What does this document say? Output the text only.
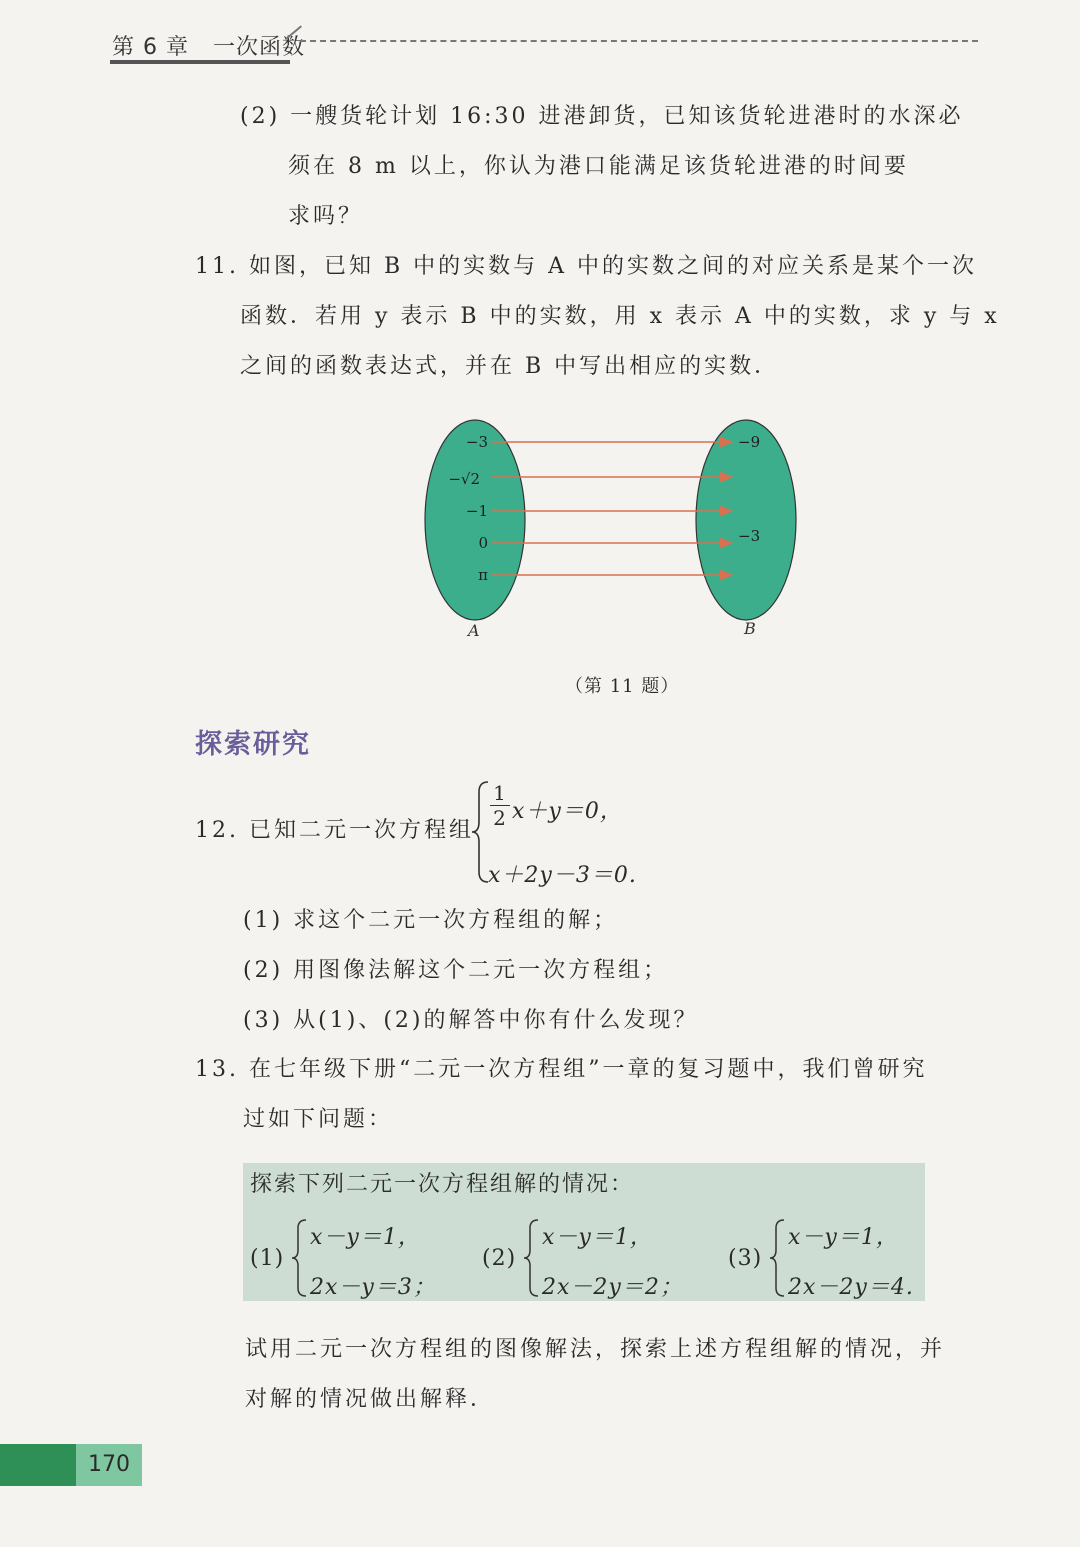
第 6 章 一次函数
(2) 一艘货轮计划 16:30 进港卸货，已知该货轮进港时的水深必
须在 8 m 以上，你认为港口能满足该货轮进港的时间要
求吗？
11. 如图，已知 B 中的实数与 A 中的实数之间的对应关系是某个一次
函数．若用 y 表示 B 中的实数，用 x 表示 A 中的实数，求 y 与 x
之间的函数表达式，并在 B 中写出相应的实数．
−3
−√2
−1
0
π
−9
−3
A	B
（第 11 题）
探索研究
12. 已知二元一次方程组
1
2 x＋y＝0，
x＋2y－3＝0.
(1) 求这个二元一次方程组的解；
(2) 用图像法解这个二元一次方程组；
(3) 从(1)、(2)的解答中你有什么发现？
13. 在七年级下册“二元一次方程组”一章的复习题中，我们曾研究
过如下问题：
探索下列二元一次方程组解的情况：
(1)
x－y＝1，
2x－y＝3；
(2)
x－y＝1，
2x－2y＝2；
(3)
x－y＝1，
2x－2y＝4.
试用二元一次方程组的图像解法，探索上述方程组解的情况，并
对解的情况做出解释．
170
